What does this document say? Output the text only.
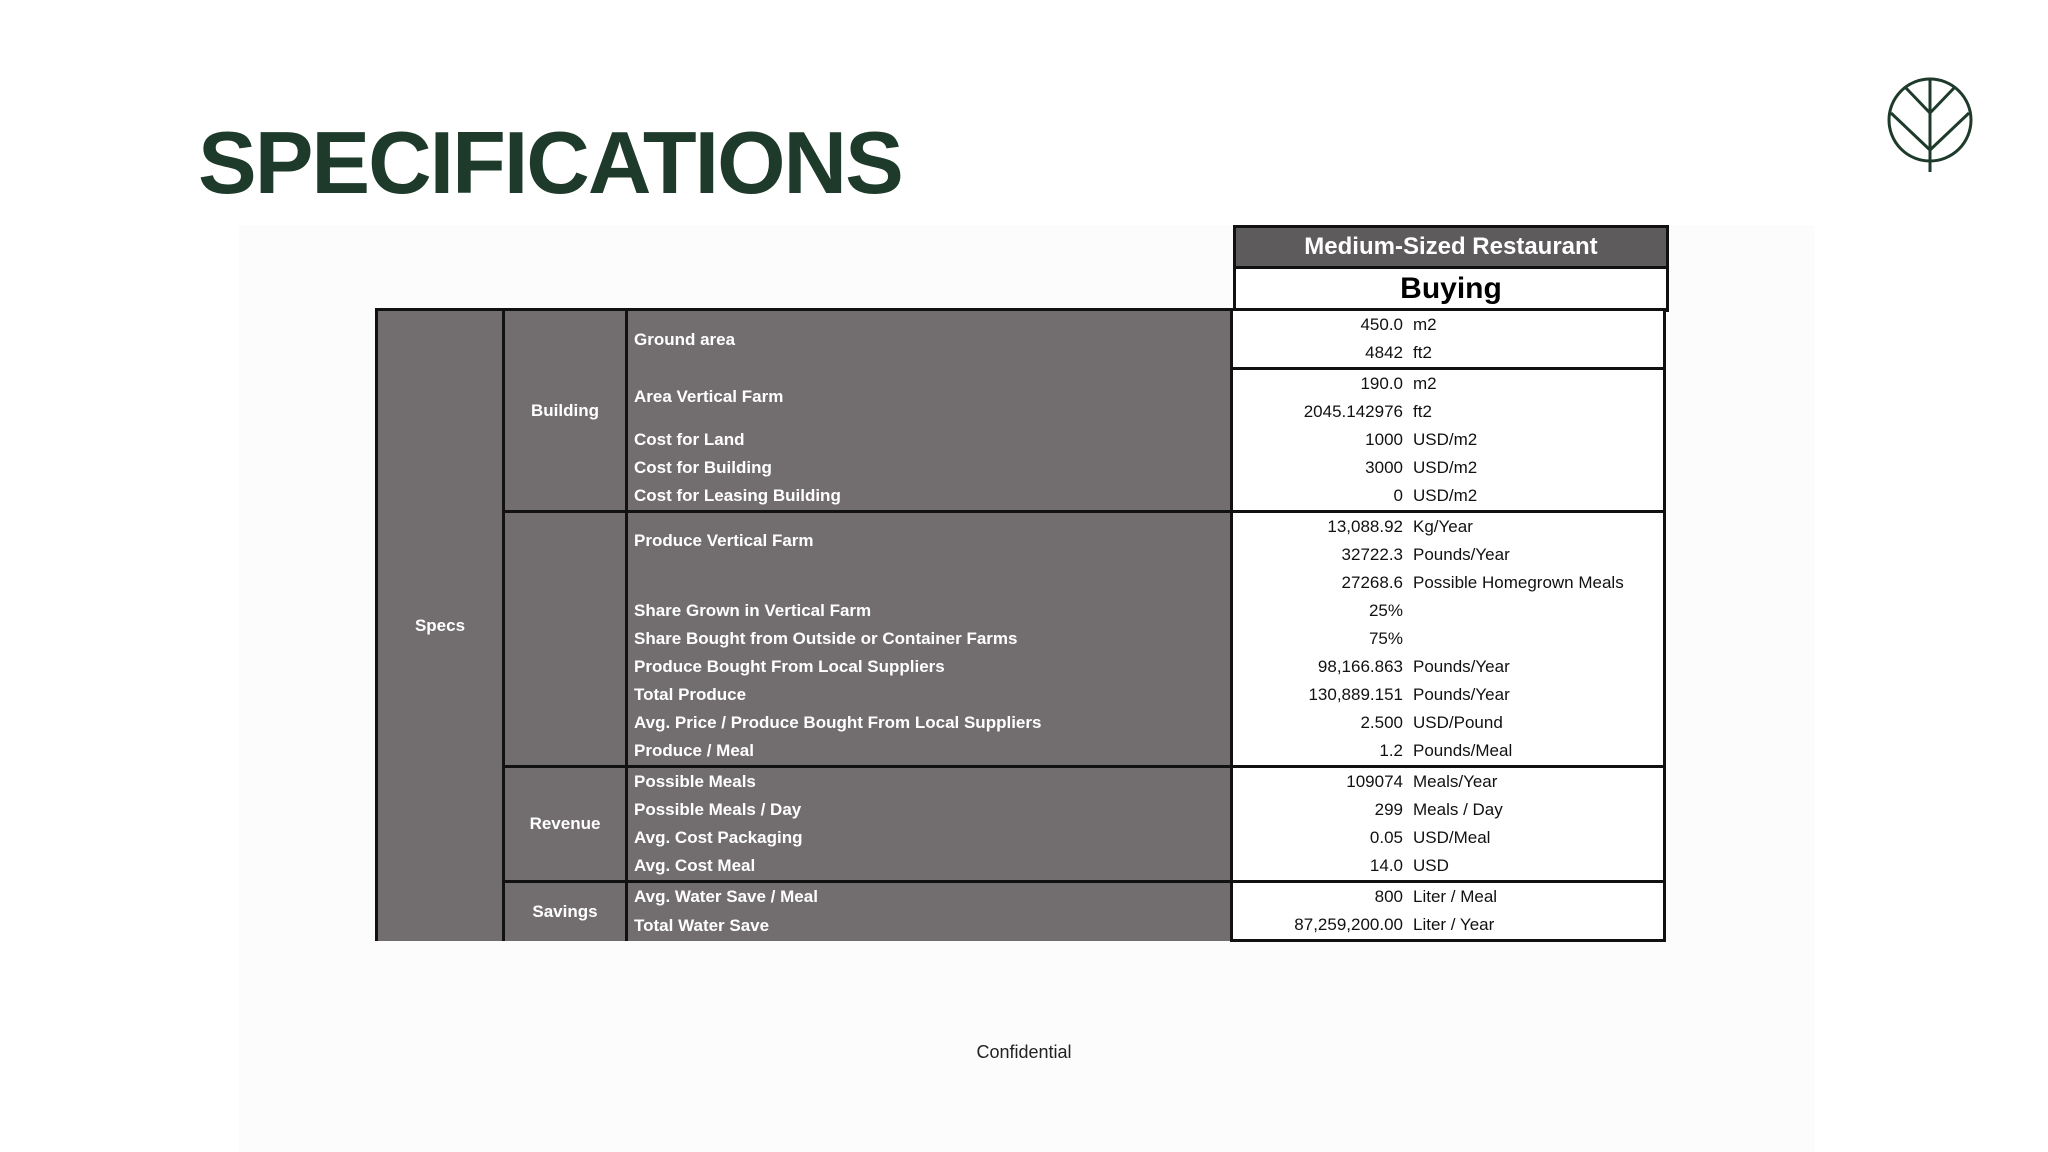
SPECIFICATIONS
Medium-Sized Restaurant
Buying
Specs	Building	Ground area	450.0	m2
			4842	ft2
		Area Vertical Farm	190.0	m2
			2045.142976	ft2
		Cost for Land	1000	USD/m2
		Cost for Building	3000	USD/m2
		Cost for Leasing Building	0	USD/m2
		Produce Vertical Farm	13,088.92	Kg/Year
			32722.3	Pounds/Year
			27268.6	Possible Homegrown Meals
		Share Grown in Vertical Farm	25%	
		Share Bought from Outside or Container Farms	75%	
		Produce Bought From Local Suppliers	98,166.863	Pounds/Year
		Total Produce	130,889.151	Pounds/Year
		Avg. Price / Produce Bought From Local Suppliers	2.500	USD/Pound
		Produce / Meal	1.2	Pounds/Meal
	Revenue	Possible Meals	109074	Meals/Year
		Possible Meals / Day	299	Meals / Day
		Avg. Cost Packaging	0.05	USD/Meal
		Avg. Cost Meal	14.0	USD
	Savings	Avg. Water Save / Meal	800	Liter / Meal
		Total Water Save	87,259,200.00	Liter / Year
Confidential
